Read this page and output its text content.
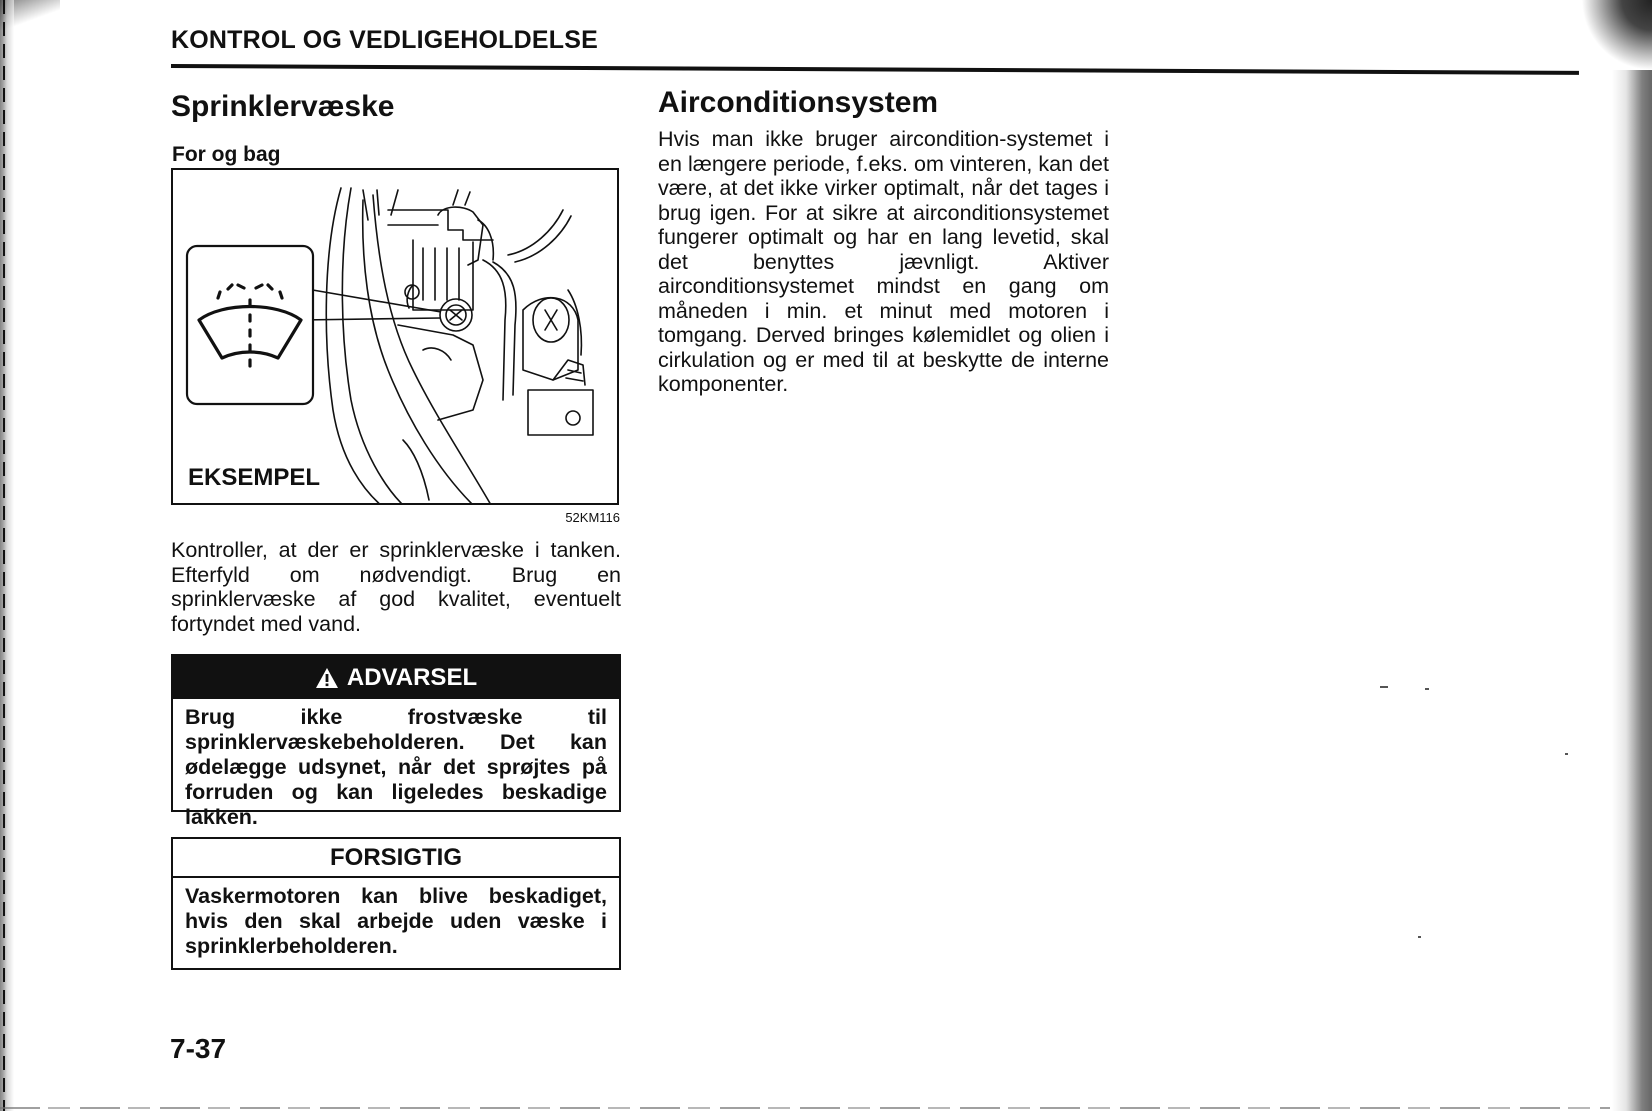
KONTROL OG VEDLIGEHOLDELSE
Sprinklervæske
For og bag
EKSEMPEL
52KM116

Kontroller, at der er sprinklervæske i tanken. Efterfyld om nødvendigt. Brug en sprinklervæske af god kvalitet, eventuelt fortyndet med vand.

ADVARSEL

Brug ikke frostvæske til sprinklervæskebeholderen. Det kan ødelægge udsynet, når det sprøjtes på forruden og kan ligeledes beskadige lakken.

FORSIGTIG

Vaskermotoren kan blive beskadiget, hvis den skal arbejde uden væske i sprinklerbeholderen.

Airconditionsystem

Hvis man ikke bruger aircondition-systemet i en længere periode, f.eks. om vinteren, kan det være, at det ikke virker optimalt, når det tages i brug igen. For at sikre at airconditionsystemet fungerer optimalt og har en lang levetid, skal det benyttes jævnligt. Aktiver airconditionsystemet mindst en gang om måneden i min. et minut med motoren i tomgang. Derved bringes kølemidlet og olien i cirkulation og er med til at beskytte de interne komponenter.

7-37
